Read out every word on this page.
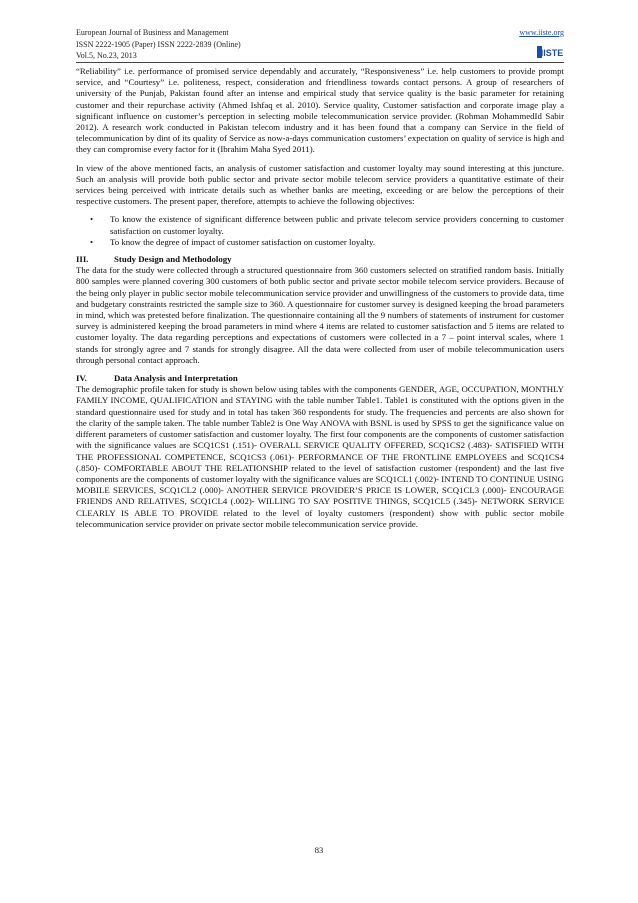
European Journal of Business and Management
ISSN 2222-1905 (Paper) ISSN 2222-2839 (Online)
Vol.5, No.23, 2013
www.iiste.org
IISTE

“Reliability” i.e. performance of promised service dependably and accurately, “Responsiveness” i.e. help customers to provide prompt service, and “Courtesy” i.e. politeness, respect, consideration and friendliness towards contact persons. A group of researchers of university of the Punjab, Pakistan found after an intense and empirical study that service quality is the basic parameter for retaining customer and their repurchase activity (Ahmed Ishfaq et al. 2010). Service quality, Customer satisfaction and corporate image play a significant influence on customer’s perception in selecting mobile telecommunication service provider. (Rohman MohammedId Sabir 2012). A research work conducted in Pakistan telecom industry and it has been found that a company can Service in the field of telecommunication by dint of its quality of Service as now-a-days communication customers’ expectation on quality of service is high and they can compromise every factor for it (Ibrahim Maha Syed 2011).

In view of the above mentioned facts, an analysis of customer satisfaction and customer loyalty may sound interesting at this juncture. Such an analysis will provide both public sector and private sector mobile telecom service providers a quantitative estimate of their services being perceived with intricate details such as whether banks are meeting, exceeding or are below the perceptions of their respective customers. The present paper, therefore, attempts to achieve the following objectives:

• To know the existence of significant difference between public and private telecom service providers concerning to customer satisfaction on customer loyalty.
• To know the degree of impact of customer satisfaction on customer loyalty.
III.	Study Design and Methodology

The data for the study were collected through a structured questionnaire from 360 customers selected on stratified random basis. Initially 800 samples were planned covering 300 customers of both public sector and private sector mobile telecom service providers. Because of the being only player in public sector mobile telecommunication service provider and unwillingness of the customers to provide data, time and budgetary constraints restricted the sample size to 360. A questionnaire for customer survey is designed keeping the broad parameters in mind, which was pretested before finalization. The questionnaire containing all the 9 numbers of statements of instrument for customer survey is administered keeping the broad parameters in mind where 4 items are related to customer satisfaction and 5 items are related to customer loyalty. The data regarding perceptions and expectations of customers were collected in a 7 – point interval scales, where 1 stands for strongly agree and 7 stands for strongly disagree. All the data were collected from user of mobile telecommunication users through personal contact approach.

IV.	Data Analysis and Interpretation

The demographic profile taken for study is shown below using tables with the components GENDER, AGE, OCCUPATION, MONTHLY FAMILY INCOME, QUALIFICATION and STAYING with the table number Table1. Table1 is constituted with the options given in the standard questionnaire used for study and in total has taken 360 respondents for study. The frequencies and percents are also shown for the clarity of the sample taken. The table number Table2 is One Way ANOVA with BSNL is used by SPSS to get the significance value on different parameters of customer satisfaction and customer loyalty. The first four components are the components of customer satisfaction with the significance values are SCQ1CS1 (.151)- OVERALL SERVICE QUALITY OFFERED, SCQ1CS2 (.483)- SATISFIED WITH THE PROFESSIONAL COMPETENCE, SCQ1CS3 (.061)- PERFORMANCE OF THE FRONTLINE EMPLOYEES and SCQ1CS4 (.850)- COMFORTABLE ABOUT THE RELATIONSHIP related to the level of satisfaction customer (respondent) and the last five components are the components of customer loyalty with the significance values are SCQ1CL1 (.002)- INTEND TO CONTINUE USING MOBILE SERVICES, SCQ1CL2 (.000)- ANOTHER SERVICE PROVIDER’S PRICE IS LOWER, SCQ1CL3 (.000)- ENCOURAGE FRIENDS AND RELATIVES, SCQ1CL4 (.002)- WILLING TO SAY POSITIVE THINGS, SCQ1CL5 (.345)- NETWORK SERVICE CLEARLY IS ABLE TO PROVIDE related to the level of loyalty customers (respondent) show with public sector mobile telecommunication service provider on private sector mobile telecommunication service provide.

83
